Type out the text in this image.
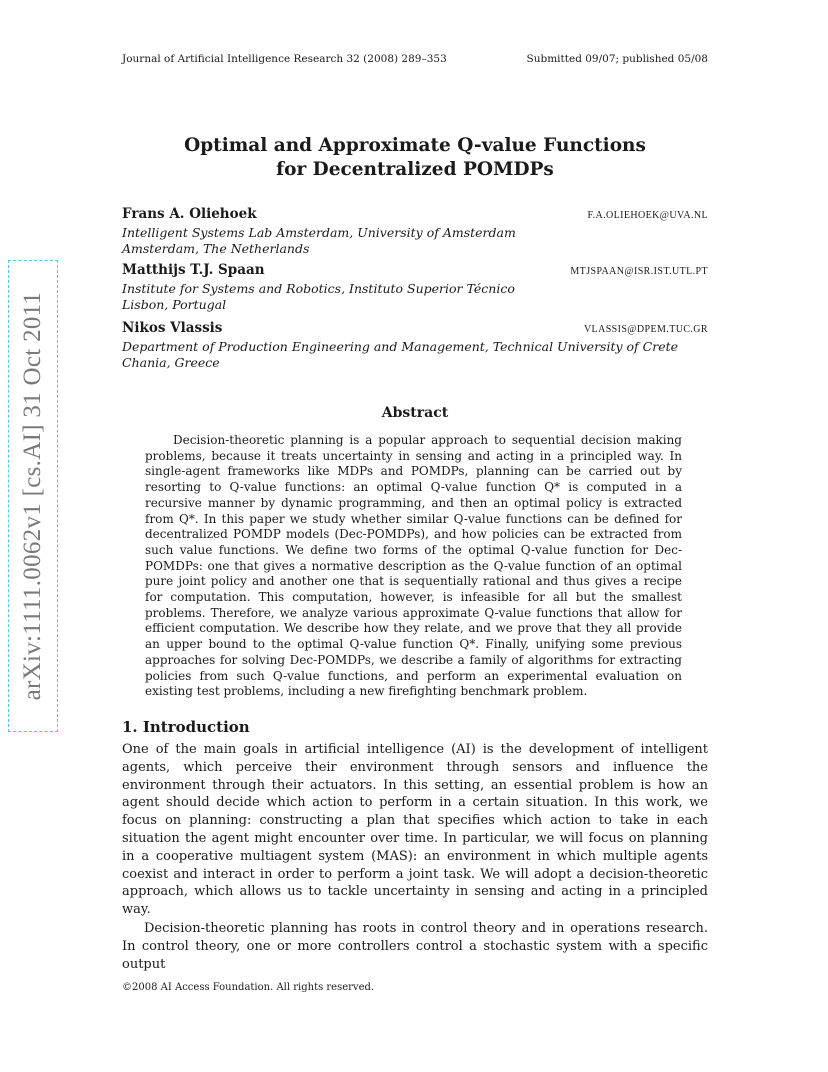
Journal of Artificial Intelligence Research 32 (2008) 289–353	Submitted 09/07; published 05/08
arXiv:1111.0062v1 [cs.AI] 31 Oct 2011
Optimal and Approximate Q-value Functions
for Decentralized POMDPs
Frans A. Oliehoek	F.A.OLIEHOEK@UVA.NL
Intelligent Systems Lab Amsterdam, University of Amsterdam
Amsterdam, The Netherlands
Matthijs T.J. Spaan	MTJSPAAN@ISR.IST.UTL.PT
Institute for Systems and Robotics, Instituto Superior Técnico
Lisbon, Portugal
Nikos Vlassis	VLASSIS@DPEM.TUC.GR
Department of Production Engineering and Management, Technical University of Crete
Chania, Greece
Abstract

Decision-theoretic planning is a popular approach to sequential decision making problems, because it treats uncertainty in sensing and acting in a principled way. In single-agent frameworks like MDPs and POMDPs, planning can be carried out by resorting to Q-value functions: an optimal Q-value function Q* is computed in a recursive manner by dynamic programming, and then an optimal policy is extracted from Q*. In this paper we study whether similar Q-value functions can be defined for decentralized POMDP models (Dec-POMDPs), and how policies can be extracted from such value functions. We define two forms of the optimal Q-value function for Dec-POMDPs: one that gives a normative description as the Q-value function of an optimal pure joint policy and another one that is sequentially rational and thus gives a recipe for computation. This computation, however, is infeasible for all but the smallest problems. Therefore, we analyze various approximate Q-value functions that allow for efficient computation. We describe how they relate, and we prove that they all provide an upper bound to the optimal Q-value function Q*. Finally, unifying some previous approaches for solving Dec-POMDPs, we describe a family of algorithms for extracting policies from such Q-value functions, and perform an experimental evaluation on existing test problems, including a new firefighting benchmark problem.

1. Introduction

One of the main goals in artificial intelligence (AI) is the development of intelligent agents, which perceive their environment through sensors and influence the environment through their actuators. In this setting, an essential problem is how an agent should decide which action to perform in a certain situation. In this work, we focus on planning: constructing a plan that specifies which action to take in each situation the agent might encounter over time. In particular, we will focus on planning in a cooperative multiagent system (MAS): an environment in which multiple agents coexist and interact in order to perform a joint task. We will adopt a decision-theoretic approach, which allows us to tackle uncertainty in sensing and acting in a principled way.

Decision-theoretic planning has roots in control theory and in operations research. In control theory, one or more controllers control a stochastic system with a specific output

©2008 AI Access Foundation. All rights reserved.
